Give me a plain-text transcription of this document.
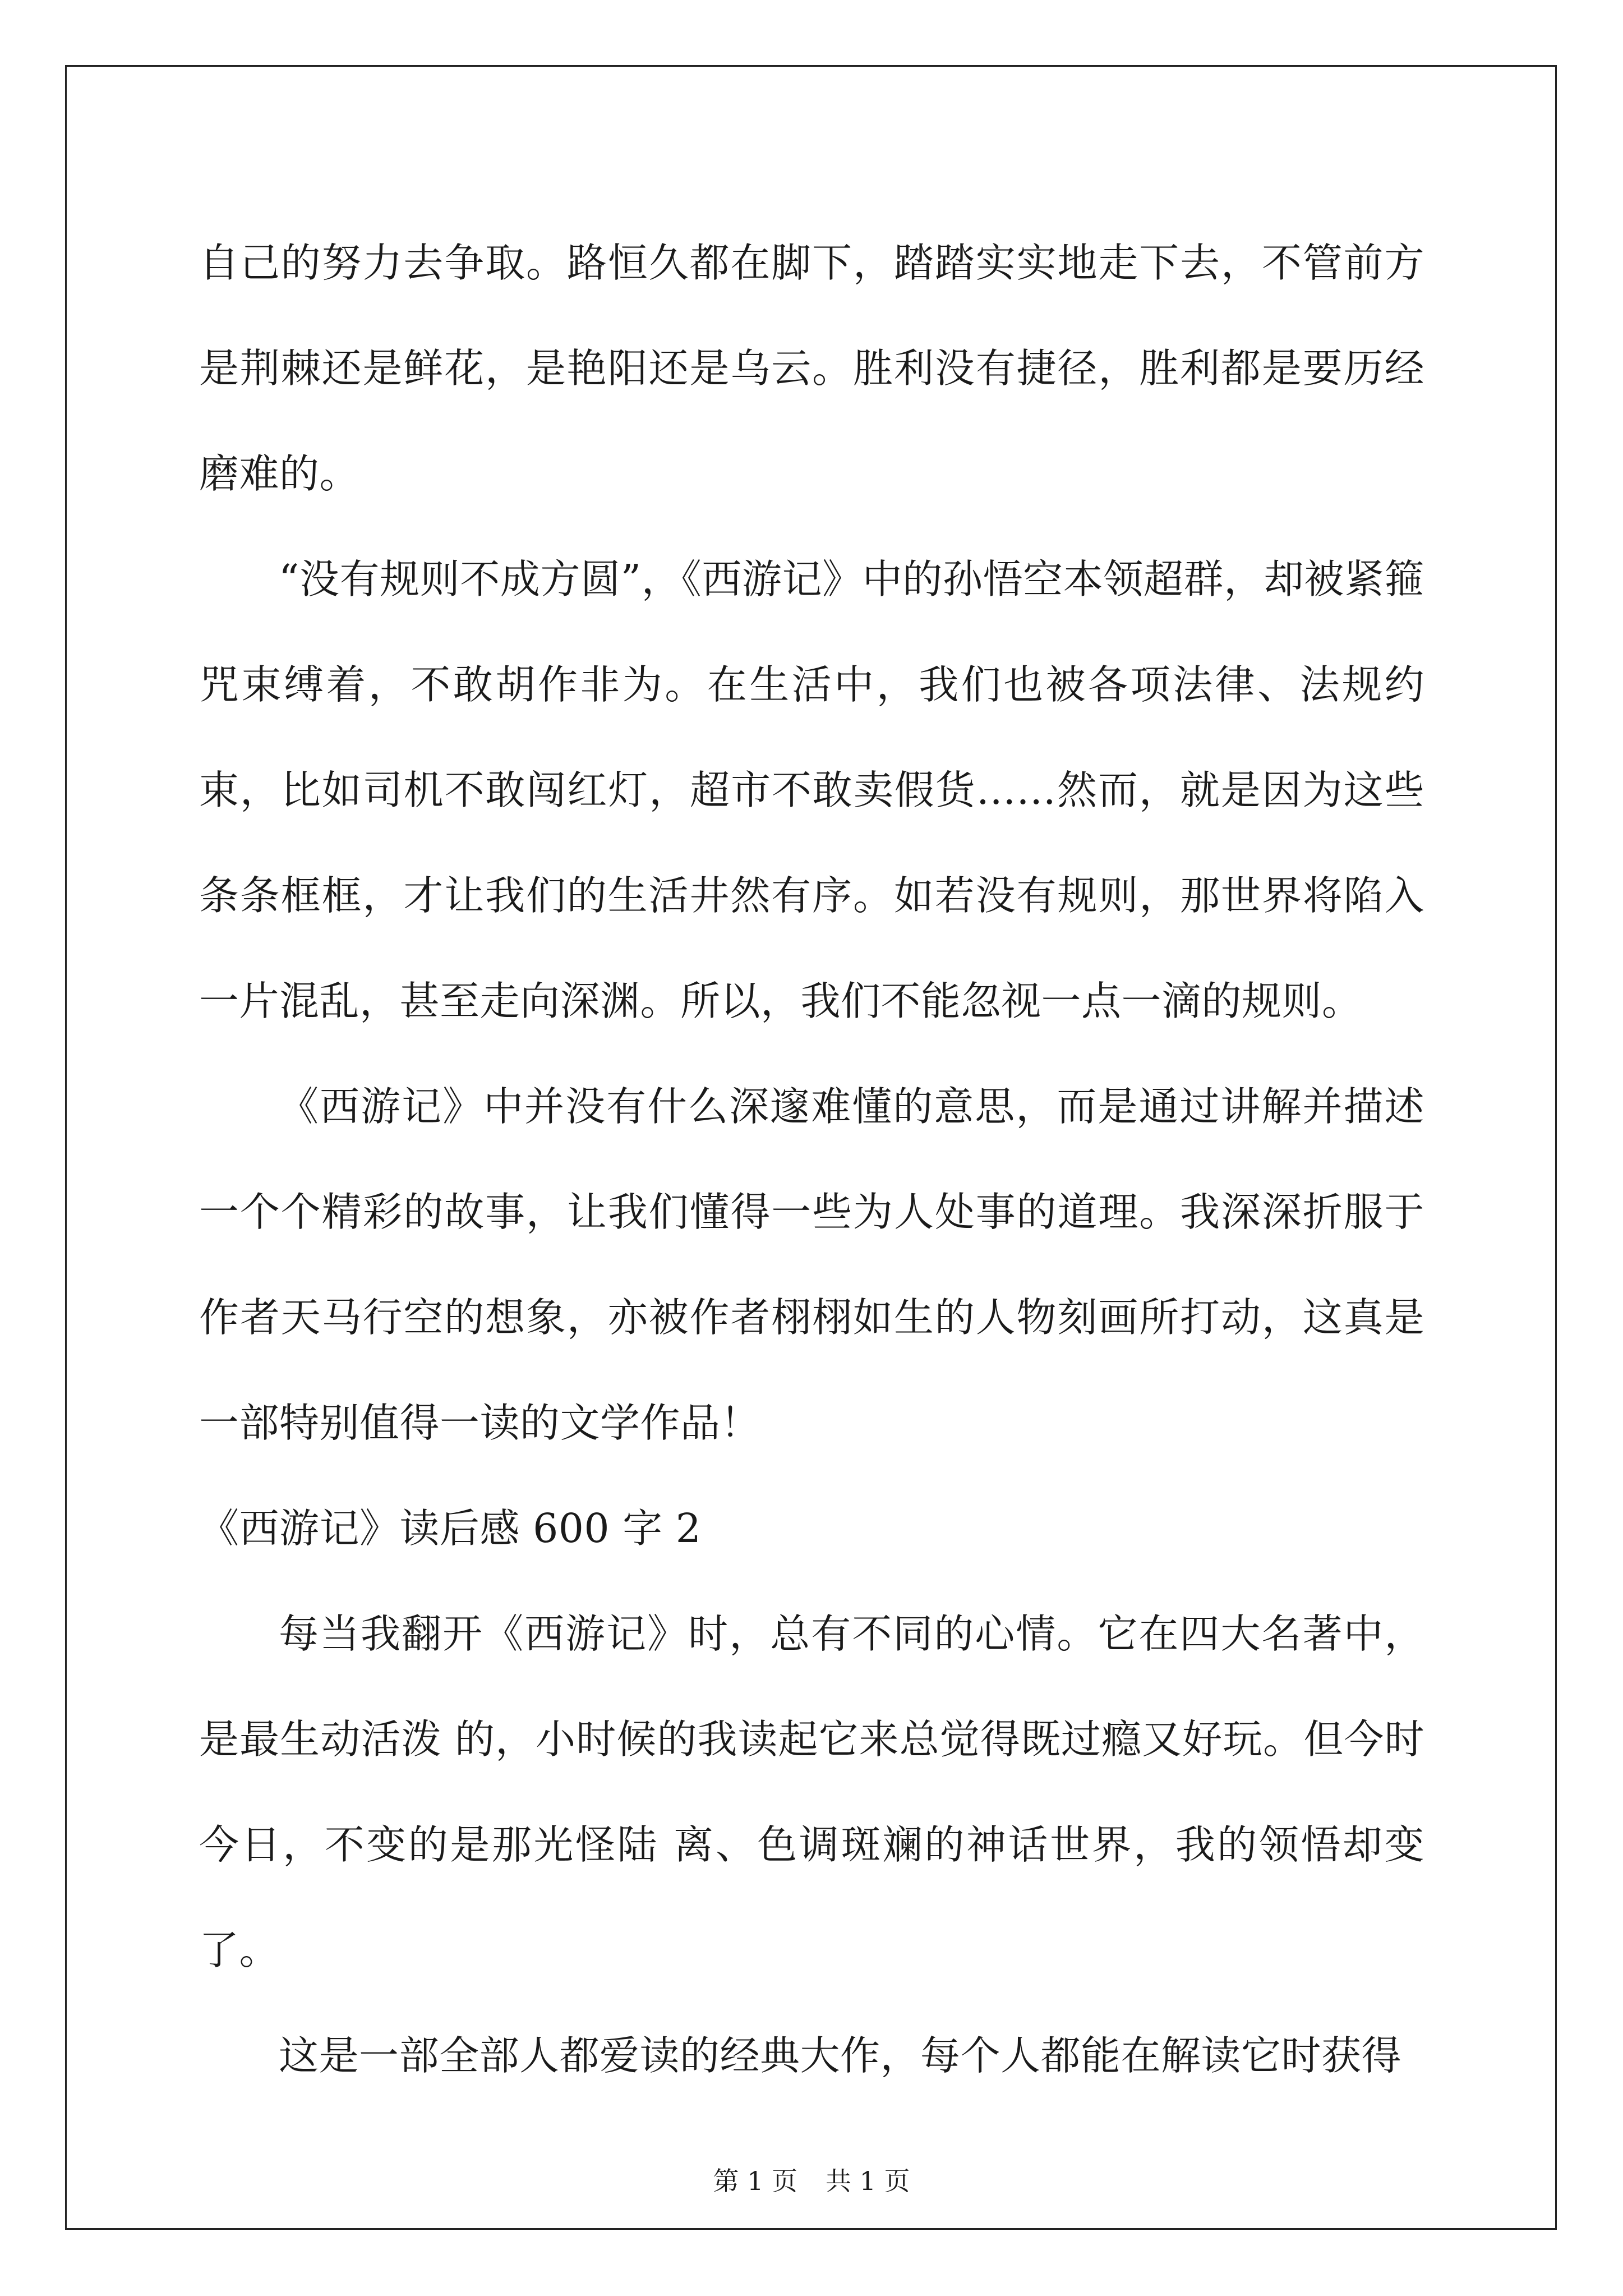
自己的努力去争取。路恒久都在脚下，踏踏实实地走下去，不管前方是荆棘还是鲜花，是艳阳还是乌云。胜利没有捷径，胜利都是要历经磨难的。
“没有规则不成方圆”，《西游记》中的孙悟空本领超群，却被紧箍咒束缚着，不敢胡作非为。在生活中，我们也被各项法律、法规约束，比如司机不敢闯红灯，超市不敢卖假货……然而，就是因为这些条条框框，才让我们的生活井然有序。如若没有规则，那世界将陷入一片混乱，甚至走向深渊。所以，我们不能忽视一点一滴的规则。
《西游记》中并没有什么深邃难懂的意思，而是通过讲解并描述一个个精彩的故事，让我们懂得一些为人处事的道理。我深深折服于作者天马行空的想象，亦被作者栩栩如生的人物刻画所打动，这真是一部特别值得一读的文学作品！
《西游记》读后感 600 字 2
每当我翻开《西游记》时，总有不同的心情。它在四大名著中，是最生动活泼 的，小时候的我读起它来总觉得既过瘾又好玩。但今时今日，不变的是那光怪陆 离、色调斑斓的神话世界，我的领悟却变了。
这是一部全部人都爱读的经典大作，每个人都能在解读它时获得
第 1 页 共 1 页
